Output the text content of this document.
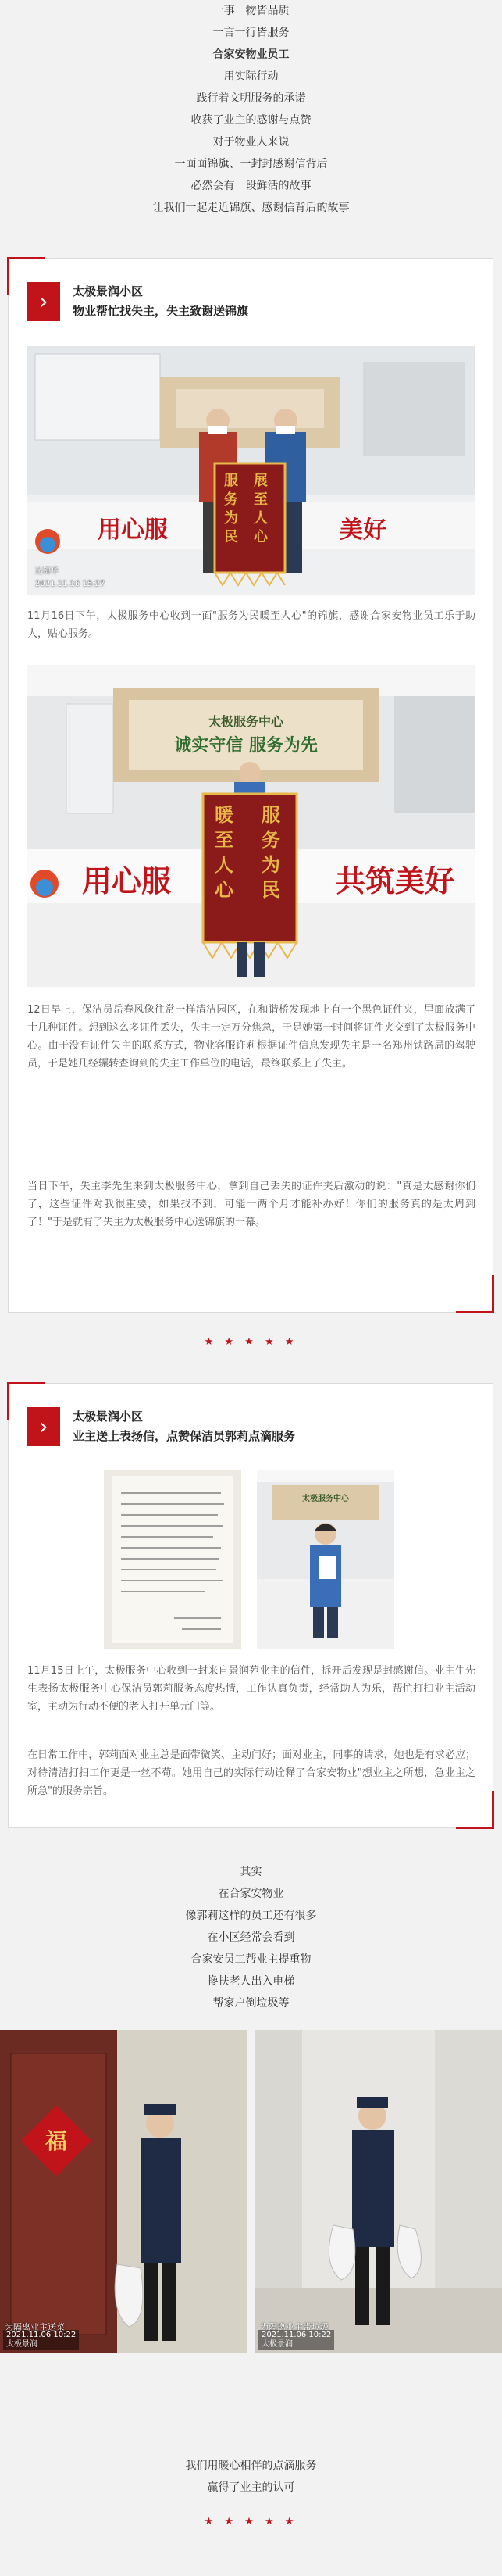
一事一物皆品质
一言一行皆服务
合家安物业员工
用实际行动
践行着文明服务的承诺
收获了业主的感谢与点赞
对于物业人来说
一面面锦旗、一封封感谢信背后
必然会有一段鲜活的故事
让我们一起走近锦旗、感谢信背后的故事
›	太极景润小区
物业帮忙找失主，失主致谢送锦旗
用心服	美好
服 展
务 至
为 人
民 心
2021.11.16 15:27
达锦华
11月16日下午，太极服务中心收到一面"服务为民暖至人心"的锦旗，感谢合家安物业员工乐于助人，贴心服务。
太极服务中心
诚实守信 服务为先
用心服	共筑美好
暖 服
至 务
人 为
心 民
12日早上，保洁员岳春风像往常一样清洁园区，在和谐桥发现地上有一个黑色证件夹，里面放满了十几种证件。想到这么多证件丢失，失主一定万分焦急，于是她第一时间将证件夹交到了太极服务中心。由于没有证件失主的联系方式，物业客服许莉根据证件信息发现失主是一名郑州铁路局的驾驶员，于是她几经辗转查询到的失主工作单位的电话，最终联系上了失主。
当日下午，失主李先生来到太极服务中心，拿到自己丢失的证件夹后激动的说："真是太感谢你们了，这些证件对我很重要，如果找不到，可能一两个月才能补办好！你们的服务真的是太周到了！"于是就有了失主为太极服务中心送锦旗的一幕。
★ ★ ★ ★ ★
›	太极景润小区
业主送上表扬信，点赞保洁员郭莉点滴服务
太极服务中心
11月15日上午，太极服务中心收到一封来自景润苑业主的信件，拆开后发现是封感谢信。业主牛先生表扬太极服务中心保洁员郭莉服务态度热情，工作认真负责，经常助人为乐，帮忙打扫业主活动室，主动为行动不便的老人打开单元门等。
在日常工作中，郭莉面对业主总是面带微笑、主动问好；面对业主，同事的请求，她也是有求必应；对待清洁打扫工作更是一丝不苟。她用自己的实际行动诠释了合家安物业"想业主之所想，急业主之所急"的服务宗旨。
其实
在合家安物业
像郭莉这样的员工还有很多
在小区经常会看到
合家安员工帮业主提重物
搀扶老人出入电梯
帮家户倒垃圾等
福
为隔离业主送菜
2021.11.06 10:22
太极景润
为隔离业主带垃圾
2021.11.06 10:22
太极景润
我们用暖心相伴的点滴服务
赢得了业主的认可
★ ★ ★ ★ ★
